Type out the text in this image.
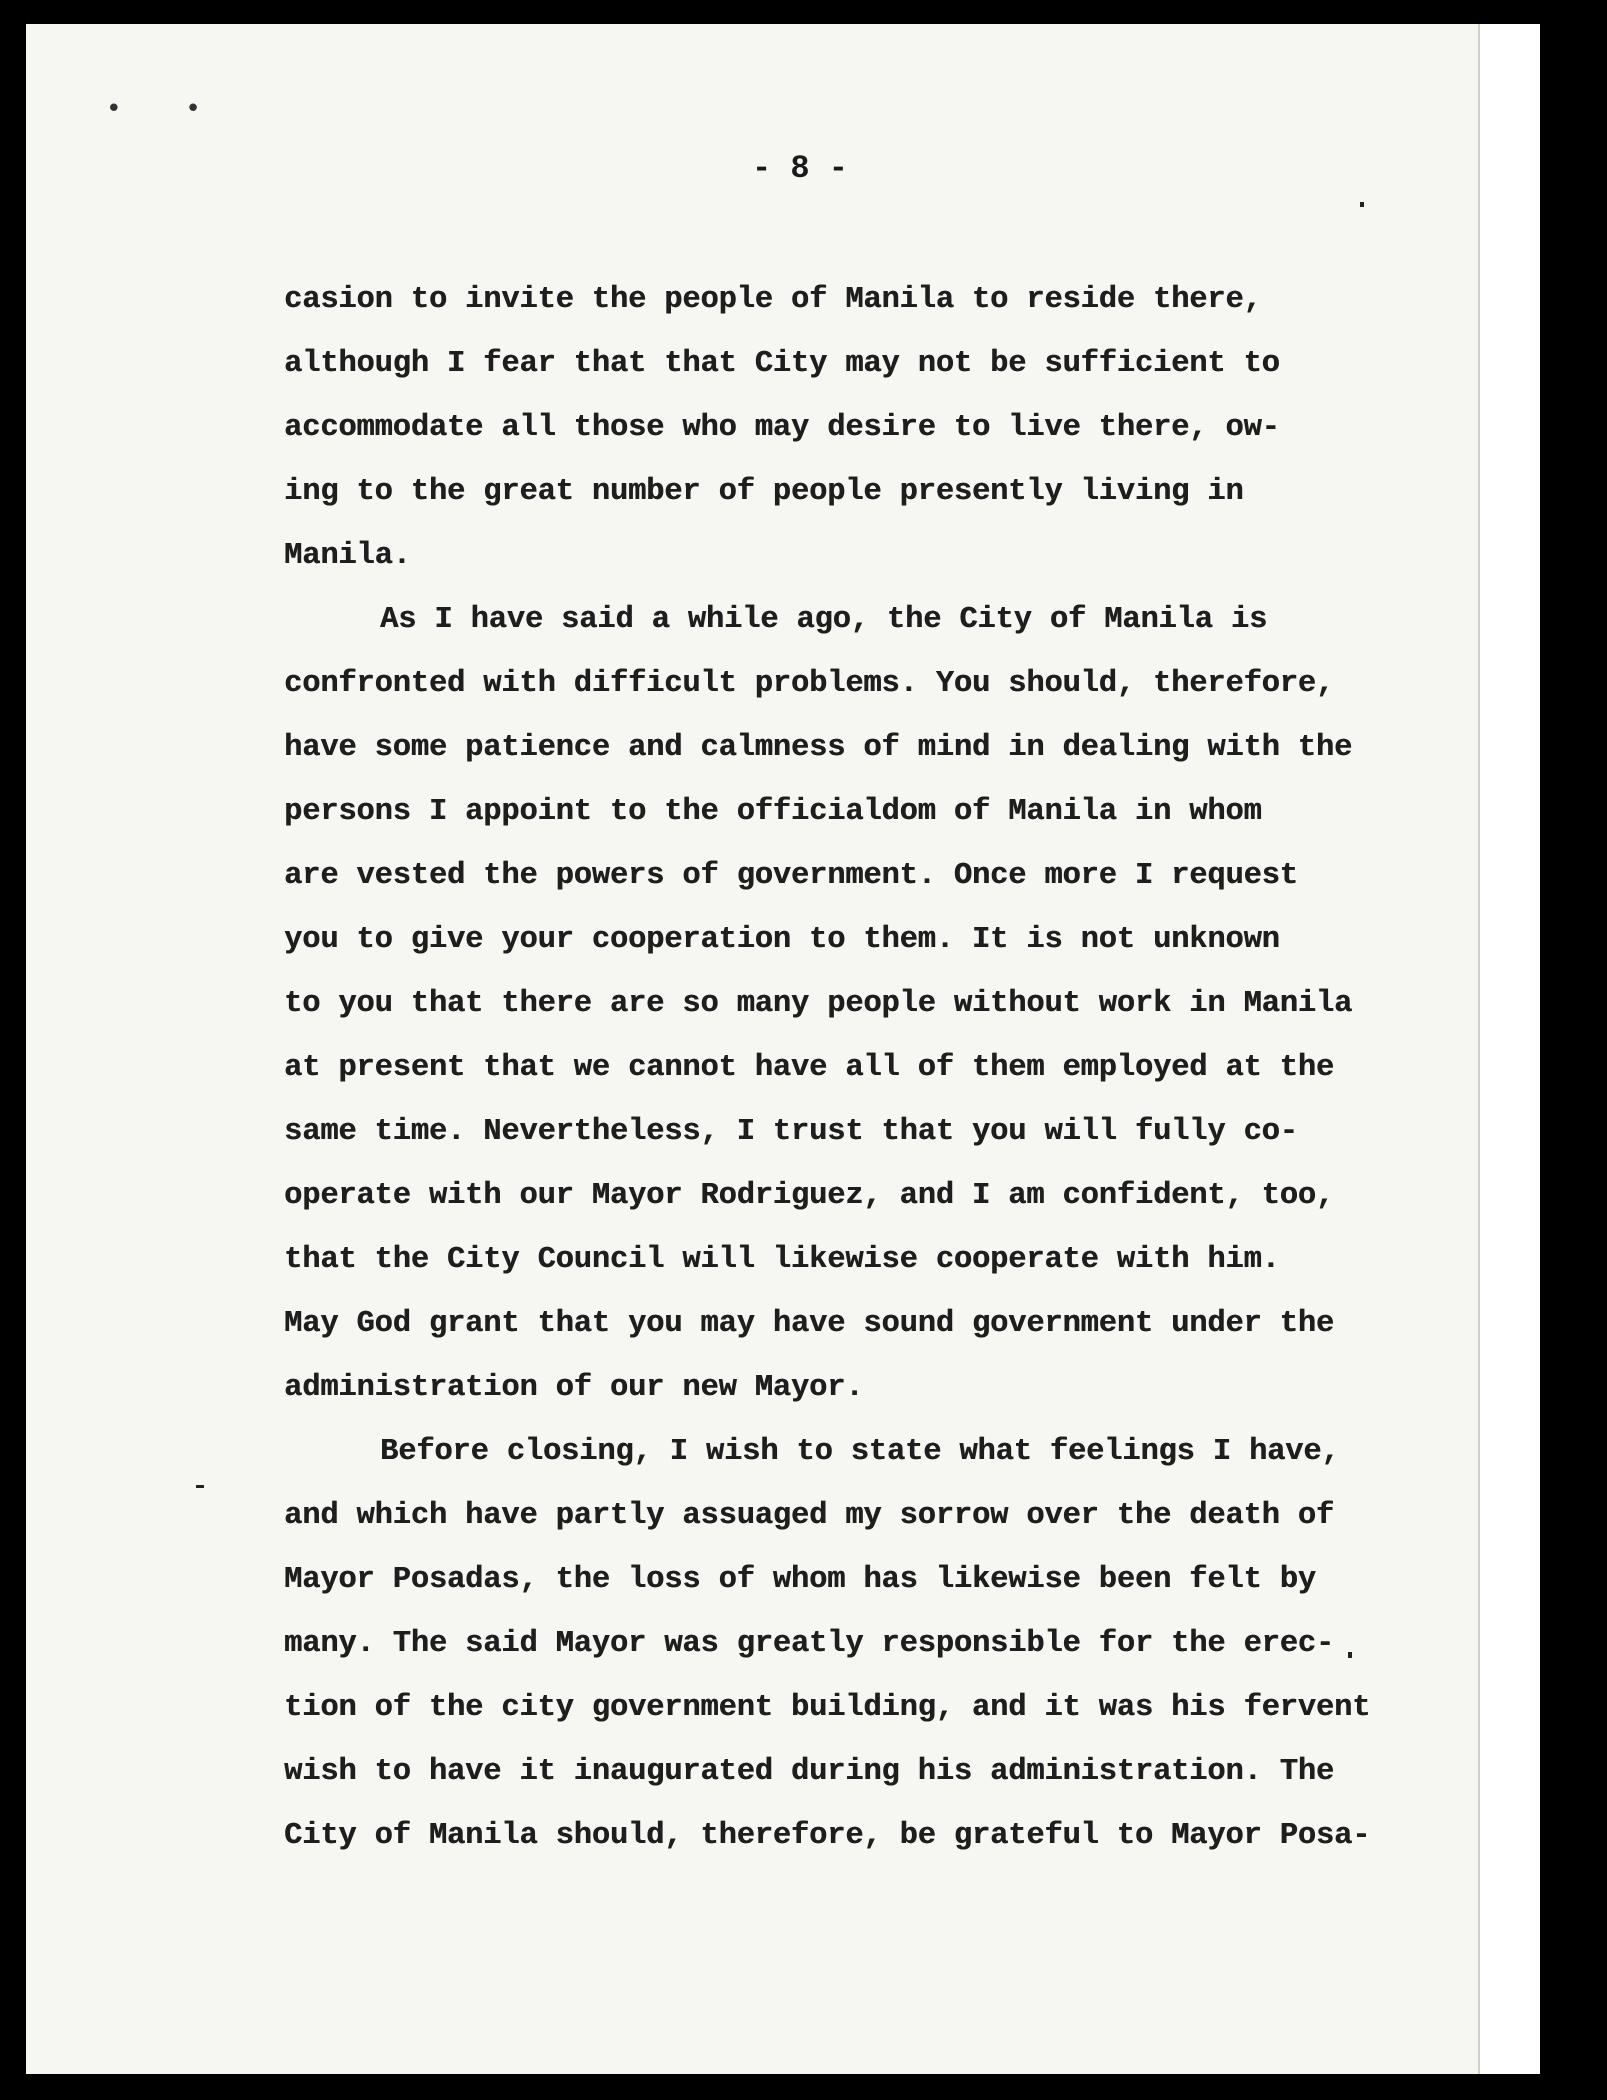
• •
- 8 -
casion to invite the people of Manila to reside there,
although I fear that that City may not be sufficient to
accommodate all those who may desire to live there, ow-
ing to the great number of people presently living in
Manila.
As I have said a while ago, the City of Manila is
confronted with difficult problems. You should, therefore,
have some patience and calmness of mind in dealing with the
persons I appoint to the officialdom of Manila in whom
are vested the powers of government. Once more I request
you to give your cooperation to them. It is not unknown
to you that there are so many people without work in Manila
at present that we cannot have all of them employed at the
same time. Nevertheless, I trust that you will fully co-
operate with our Mayor Rodriguez, and I am confident, too,
that the City Council will likewise cooperate with him.
May God grant that you may have sound government under the
administration of our new Mayor.
Before closing, I wish to state what feelings I have,
and which have partly assuaged my sorrow over the death of
Mayor Posadas, the loss of whom has likewise been felt by
many. The said Mayor was greatly responsible for the erec-
tion of the city government building, and it was his fervent
wish to have it inaugurated during his administration. The
City of Manila should, therefore, be grateful to Mayor Posa-
